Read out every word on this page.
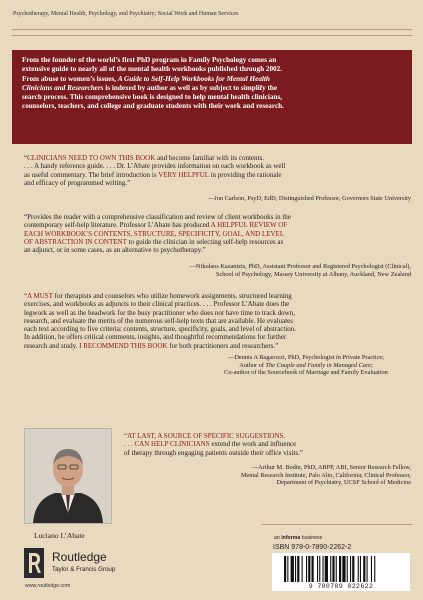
Psychotherapy, Mental Health, Psychology, and Psychiatry; Social Work and Human Services
From the founder of the world’s first PhD program in Family Psychology comes an
extensive guide to nearly all of the mental health workbooks published through 2002.
From abuse to women’s issues, A Guide to Self-Help Workbooks for Mental Health
Clinicians and Researchers is indexed by author as well as by subject to simplify the
search process. This comprehensive book is designed to help mental health clinicians,
counselors, teachers, and college and graduate students with their work and research.
“CLINICIANS NEED TO OWN THIS BOOK and become familiar with its contents.
. . . A handy reference guide. . . . Dr. L’Abate provides information on each workbook as well
as useful commentary. The brief introduction is VERY HELPFUL in providing the rationale
and efficacy of programmed writing.”
—Jon Carlson, PsyD, EdD, Distinguished Professor, Governors State University
“Provides the reader with a comprehensive classification and review of client workbooks in the
contemporary self-help literature. Professor L’Abate has produced A HELPFUL REVIEW OF
EACH WORKBOOK’S CONTENTS, STRUCTURE, SPECIFICITY, GOAL, AND LEVEL
OF ABSTRACTION IN CONTENT to guide the clinician in selecting self-help resources as
an adjunct, or in some cases, as an alternative to psychotherapy.”
—Nikolaos Kazantzis, PhD, Assistant Professor and Registered Psychologist (Clinical),
School of Psychology, Massey University at Albany, Auckland, New Zealand
“A MUST for therapists and counselors who utilize homework assignments, structured learning
exercises, and workbooks as adjuncts to their clinical practices. . . . Professor L’Abate does the
legwork as well as the headwork for the busy practitioner who does not have time to track down,
research, and evaluate the merits of the numerous self-help texts that are available. He evaluates
each text according to five criteria: contents, structure, specificity, goals, and level of abstraction.
In addition, he offers critical comments, insights, and thoughtful recommendations for further
research and study. I RECOMMEND THIS BOOK for both practitioners and researchers.”
—Dennis A Bagarozzi, PhD, Psychologist in Private Practice;
Author of The Couple and Family in Managed Care;
Co-author of the Sourcebook of Marriage and Family Evaluation
Luciano L’Abate
“AT LAST, A SOURCE OF SPECIFIC SUGGESTIONS.
. . . CAN HELP CLINICIANS extend the work and influence
of therapy through engaging patients outside their office visits.”
—Arthur M. Bodin, PhD, ABPP, ABI, Senior Research Fellow,
Mental Research Institute, Palo Alto, California; Clinical Professor,
Department of Psychiatry, UCSF School of Medicine
Routledge
Taylor & Francis Group
www.routledge.com
an informa business
ISBN 978-0-7890-2262-2
9 780789 022622
